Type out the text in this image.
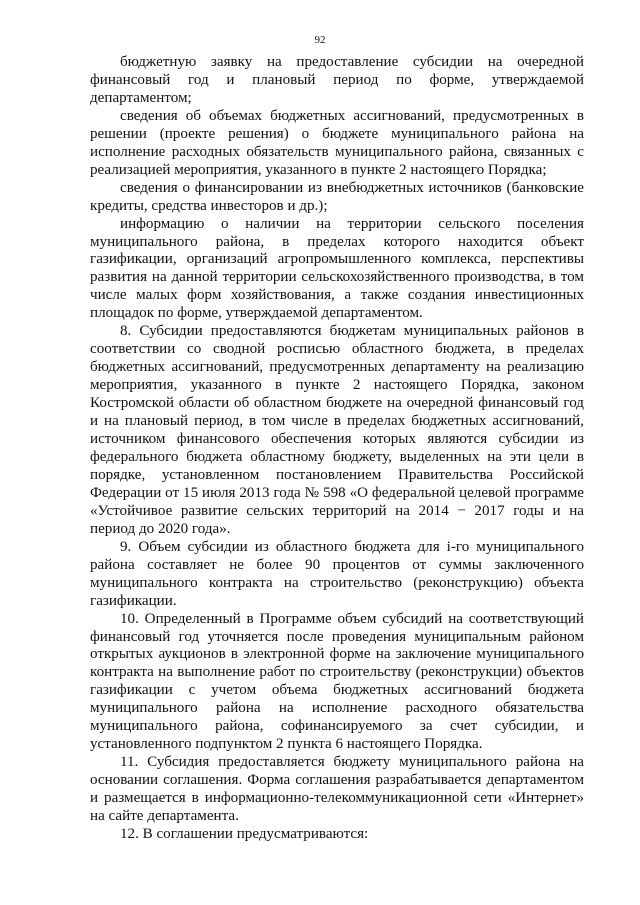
92

бюджетную заявку на предоставление субсидии на очередной финансовый год и плановый период по форме, утверждаемой департаментом;

сведения об объемах бюджетных ассигнований, предусмотренных в решении (проекте решения) о бюджете муниципального района на исполнение расходных обязательств муниципального района, связанных с реализацией мероприятия, указанного в пункте 2 настоящего Порядка;

сведения о финансировании из внебюджетных источников (банковские кредиты, средства инвесторов и др.);

информацию о наличии на территории сельского поселения муниципального района, в пределах которого находится объект газификации, организаций агропромышленного комплекса, перспективы развития на данной территории сельскохозяйственного производства, в том числе малых форм хозяйствования, а также создания инвестиционных площадок по форме, утверждаемой департаментом.

8. Субсидии предоставляются бюджетам муниципальных районов в соответствии со сводной росписью областного бюджета, в пределах бюджетных ассигнований, предусмотренных департаменту на реализацию мероприятия, указанного в пункте 2 настоящего Порядка, законом Костромской области об областном бюджете на очередной финансовый год и на плановый период, в том числе в пределах бюджетных ассигнований, источником финансового обеспечения которых являются субсидии из федерального бюджета областному бюджету, выделенных на эти цели в порядке, установленном постановлением Правительства Российской Федерации от 15 июля 2013 года № 598 «О федеральной целевой программе «Устойчивое развитие сельских территорий на 2014 − 2017 годы и на период до 2020 года».

9. Объем субсидии из областного бюджета для i-го муниципального района составляет не более 90 процентов от суммы заключенного муниципального контракта на строительство (реконструкцию) объекта газификации.

10. Определенный в Программе объем субсидий на соответствующий финансовый год уточняется после проведения муниципальным районом открытых аукционов в электронной форме на заключение муниципального контракта на выполнение работ по строительству (реконструкции) объектов газификации с учетом объема бюджетных ассигнований бюджета муниципального района на исполнение расходного обязательства муниципального района, софинансируемого за счет субсидии, и установленного подпунктом 2 пункта 6 настоящего Порядка.

11. Субсидия предоставляется бюджету муниципального района на основании соглашения. Форма соглашения разрабатывается департаментом и размещается в информационно-телекоммуникационной сети «Интернет» на сайте департамента.

12. В соглашении предусматриваются:
